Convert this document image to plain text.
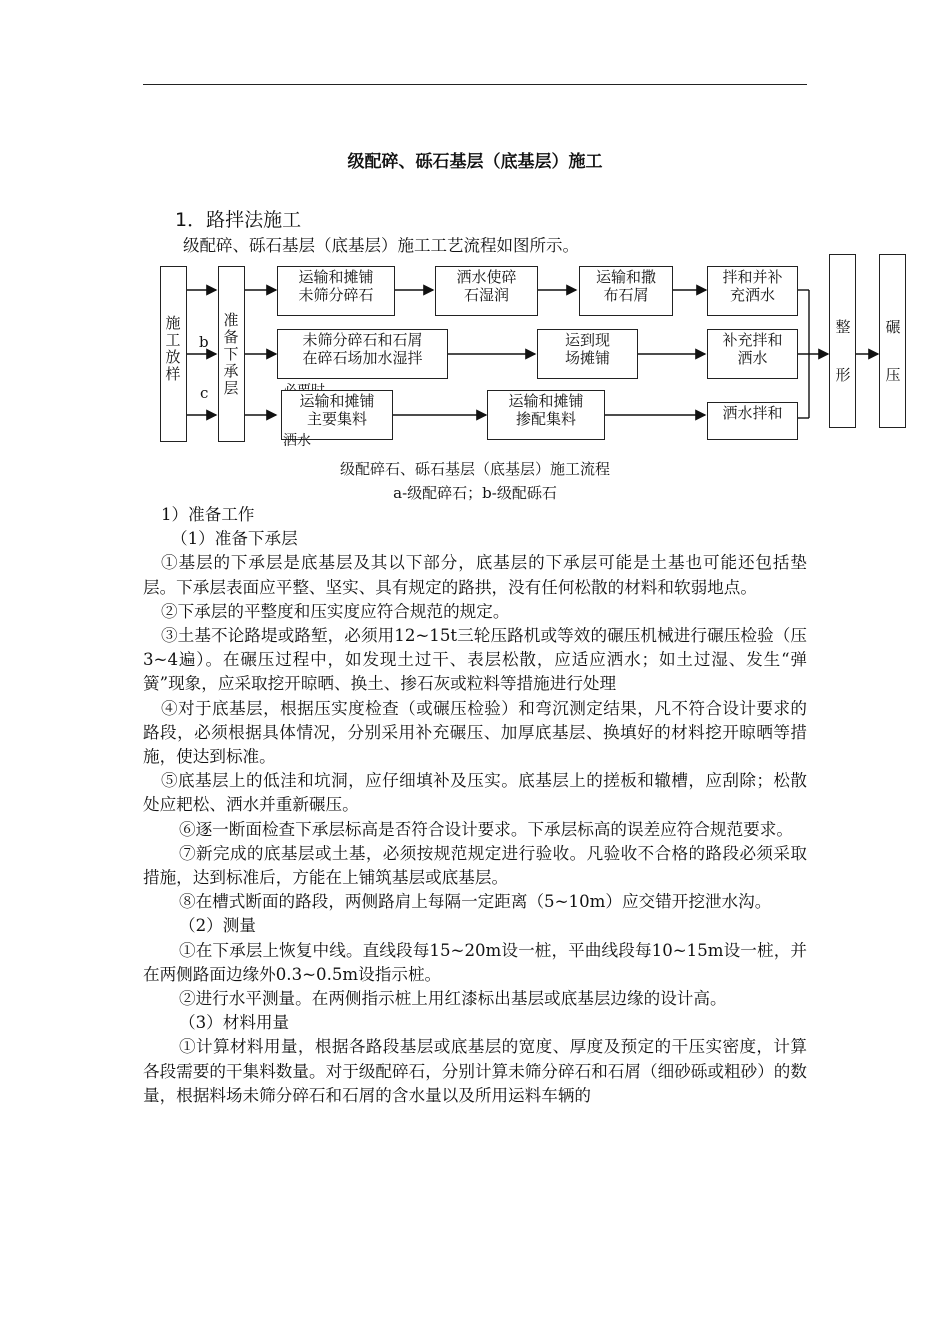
级配碎、砾石基层（底基层）施工
1．路拌法施工
级配碎、砾石基层（底基层）施工工艺流程如图所示。
施工放样
b
c
准备下承层
运输和摊铺
未筛分碎石
洒水使碎
石湿润
运输和撒
布石屑
拌和并补
充洒水
未筛分碎石和石屑
在碎石场加水湿拌
运到现
场摊铺
补充拌和
洒水
运输和摊铺
主要集料
洒水
运输和摊铺
掺配集料	洒水拌和
整形
碾压
级配碎石、砾石基层（底基层）施工流程
a-级配碎石；b-级配砾石

1）准备工作

（1）准备下承层

①基层的下承层是底基层及其以下部分，底基层的下承层可能是土基也可能还包括垫层。下承层表面应平整、坚实、具有规定的路拱，没有任何松散的材料和软弱地点。

②下承层的平整度和压实度应符合规范的规定。

③土基不论路堤或路堑，必须用12~15t三轮压路机或等效的碾压机械进行碾压检验（压3~4遍）。在碾压过程中，如发现土过干、表层松散，应适应洒水；如土过湿、发生“弹簧”现象，应采取挖开晾晒、换土、掺石灰或粒料等措施进行处理

④对于底基层，根据压实度检查（或碾压检验）和弯沉测定结果，凡不符合设计要求的路段，必须根据具体情况，分别采用补充碾压、加厚底基层、换填好的材料挖开晾晒等措施，使达到标准。

⑤底基层上的低洼和坑洞，应仔细填补及压实。底基层上的搓板和辙槽，应刮除；松散处应耙松、洒水并重新碾压。

⑥逐一断面检查下承层标高是否符合设计要求。下承层标高的误差应符合规范要求。

⑦新完成的底基层或土基，必须按规范规定进行验收。凡验收不合格的路段必须采取措施，达到标准后，方能在上铺筑基层或底基层。

⑧在槽式断面的路段，两侧路肩上每隔一定距离（5~10m）应交错开挖泄水沟。

（2）测量

①在下承层上恢复中线。直线段每15~20m设一桩，平曲线段每10~15m设一桩，并在两侧路面边缘外0.3~0.5m设指示桩。

②进行水平测量。在两侧指示桩上用红漆标出基层或底基层边缘的设计高。

（3）材料用量

①计算材料用量，根据各路段基层或底基层的宽度、厚度及预定的干压实密度，计算各段需要的干集料数量。对于级配碎石，分别计算未筛分碎石和石屑（细砂砾或粗砂）的数量，根据料场未筛分碎石和石屑的含水量以及所用运料车辆的
